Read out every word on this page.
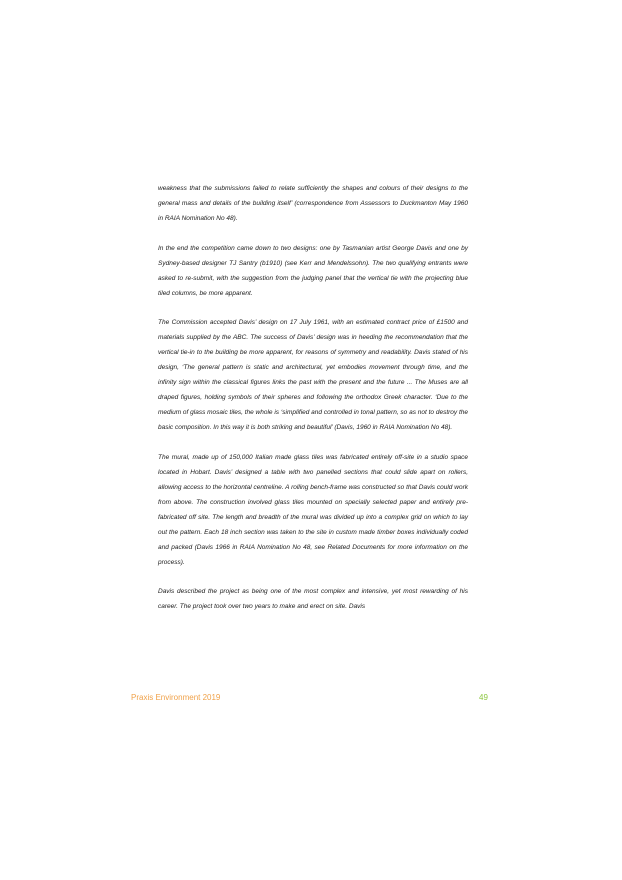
weakness that the submissions failed to relate sufficiently the shapes and colours of their designs to the general mass and details of the building itself’ (correspondence from Assessors to Duckmanton May 1960 in RAIA Nomination No 48).

In the end the competition came down to two designs: one by Tasmanian artist George Davis and one by Sydney-based designer TJ Santry (b1910) (see Kerr and Mendelssohn). The two qualifying entrants were asked to re-submit, with the suggestion from the judging panel that the vertical tie with the projecting blue tiled columns, be more apparent.

The Commission accepted Davis’ design on 17 July 1961, with an estimated contract price of £1500 and materials supplied by the ABC. The success of Davis’ design was in heeding the recommendation that the vertical tie-in to the building be more apparent, for reasons of symmetry and readability. Davis stated of his design, ‘The general pattern is static and architectural, yet embodies movement through time, and the infinity sign within the classical figures links the past with the present and the future ... The Muses are all draped figures, holding symbols of their spheres and following the orthodox Greek character. ‘Due to the medium of glass mosaic tiles, the whole is ‘simplified and controlled in tonal pattern, so as not to destroy the basic composition. In this way it is both striking and beautiful’ (Davis, 1960 in RAIA Nomination No 48).

The mural, made up of 150,000 Italian made glass tiles was fabricated entirely off-site in a studio space located in Hobart. Davis’ designed a table with two panelled sections that could slide apart on rollers, allowing access to the horizontal centreline. A rolling bench-frame was constructed so that Davis could work from above. The construction involved glass tiles mounted on specially selected paper and entirely pre-fabricated off site. The length and breadth of the mural was divided up into a complex grid on which to lay out the pattern. Each 18 inch section was taken to the site in custom made timber boxes individually coded and packed (Davis 1966 in RAIA Nomination No 48, see Related Documents for more information on the process).

Davis described the project as being one of the most complex and intensive, yet most rewarding of his career. The project took over two years to make and erect on site. Davis

Praxis Environment 2019	49
